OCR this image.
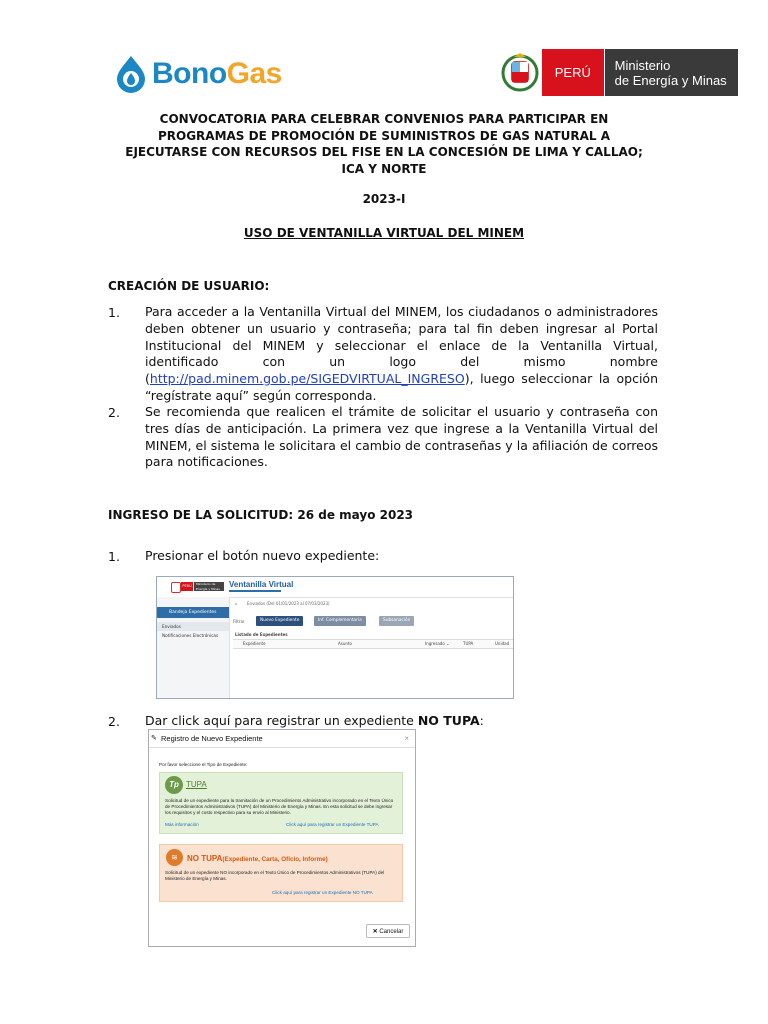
BonoGas	PERÚ	Ministerio
de Energía y Minas
CONVOCATORIA PARA CELEBRAR CONVENIOS PARA PARTICIPAR EN
PROGRAMAS DE PROMOCIÓN DE SUMINISTROS DE GAS NATURAL A
EJECUTARSE CON RECURSOS DEL FISE EN LA CONCESIÓN DE LIMA Y CALLAO;
ICA Y NORTE
2023-I
USO DE VENTANILLA VIRTUAL DEL MINEM
CREACIÓN DE USUARIO:
1. Para acceder a la Ventanilla Virtual del MINEM, los ciudadanos o administradores deben obtener un usuario y contraseña; para tal fin deben ingresar al Portal Institucional del MINEM y seleccionar el enlace de la Ventanilla Virtual, identificado con un logo del mismo nombre (http://pad.minem.gob.pe/SIGEDVIRTUAL_INGRESO), luego seleccionar la opción “regístrate aquí” según corresponda.
2. Se recomienda que realicen el trámite de solicitar el usuario y contraseña con tres días de anticipación. La primera vez que ingrese a la Ventanilla Virtual del MINEM, el sistema le solicitara el cambio de contraseñas y la afiliación de correos para notificaciones.
INGRESO DE LA SOLICITUD: 26 de mayo 2023
1. Presionar el botón nuevo expediente:
PERÚ	Ministerio de Energía y Minas	Ventanilla Virtual
Bandeja Expedientes
Enviados
Notificaciones Electrónicas
⌂ Enviados (Del 01/01/2023 al 07/03/2023)
Filtrar	Nuevo Expediente	Inf. Complementaria	Subsanación
Listado de Expedientes
Expediente	Asunto	Ingresado ⌄	TUPA	Unidad
2. Dar click aquí para registrar un expediente NO TUPA:
✎ Registro de Nuevo Expediente	×
Por favor seleccione el Tipo de Expediente:
Tp TUPA
Solicitud de un expediente para la tramitación de un Procedimiento Administrativo incorporado en el Texto Único de Procedimientos Administrativos (TUPA) del Ministerio de Energía y Minas. En esta solicitud se debe ingresar los requisitos y el costo respectivo para su envío al Ministerio.
Más información	Click aquí para registrar un Expediente TUPA
≋	NO TUPA(Expediente, Carta, Oficio, Informe)
Solicitud de un expediente NO incorporado en el Texto Único de Procedimientos Administrativos (TUPA) del Ministerio de Energía y Minas.
Click aquí para registrar un Expediente NO TUPA
✕ Cancelar
